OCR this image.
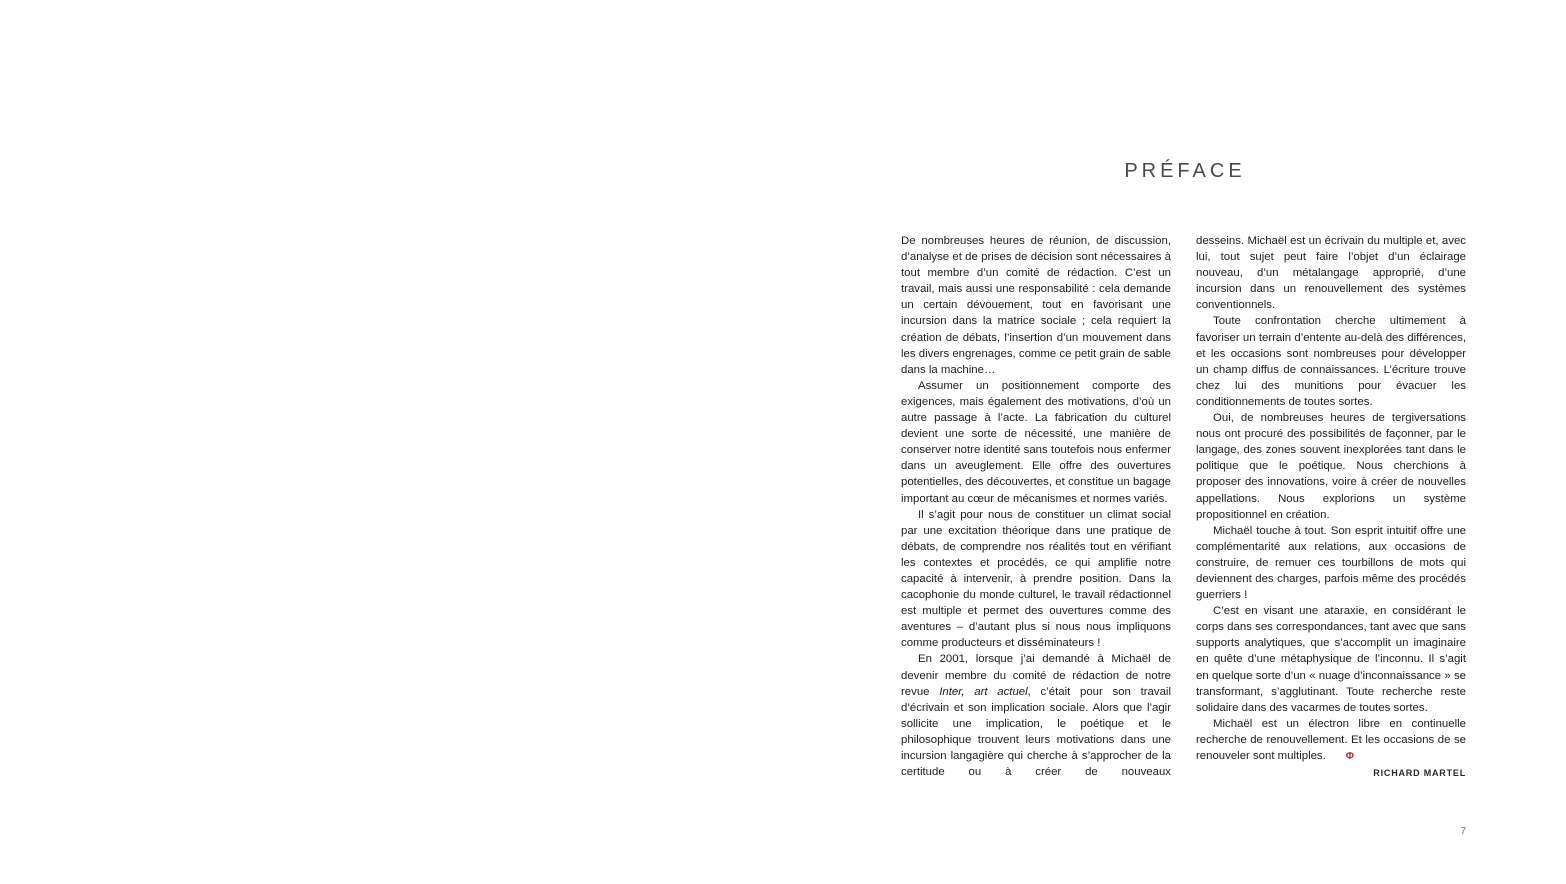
PRÉFACE

De nombreuses heures de réunion, de discussion, d’analyse et de prises de décision sont nécessaires à tout membre d’un comité de rédaction. C’est un travail, mais aussi une responsabilité : cela demande un certain dévouement, tout en favorisant une incursion dans la matrice sociale ; cela requiert la création de débats, l’insertion d’un mouvement dans les divers engrenages, comme ce petit grain de sable dans la machine…

Assumer un positionnement comporte des exigences, mais également des motivations, d’où un autre passage à l’acte. La fabrication du culturel devient une sorte de nécessité, une manière de conserver notre identité sans toutefois nous enfermer dans un aveuglement. Elle offre des ouvertures potentielles, des découvertes, et constitue un bagage important au cœur de mécanismes et normes variés.

Il s’agit pour nous de constituer un climat social par une excitation théorique dans une pratique de débats, de comprendre nos réalités tout en vérifiant les contextes et procédés, ce qui amplifie notre capacité à intervenir, à prendre position. Dans la cacophonie du monde culturel, le travail rédactionnel est multiple et permet des ouvertures comme des aventures – d’autant plus si nous nous impliquons comme producteurs et disséminateurs !

En 2001, lorsque j’ai demandé à Michaël de devenir membre du comité de rédaction de notre revue Inter, art actuel, c’était pour son travail d’écrivain et son implication sociale. Alors que l’agir sollicite une implication, le poétique et le philosophique trouvent leurs motivations dans une incursion langagière qui cherche à s’approcher de la certitude ou à créer de nouveaux

desseins. Michaël est un écrivain du multiple et, avec lui, tout sujet peut faire l’objet d’un éclairage nouveau, d’un métalangage approprié, d’une incursion dans un renouvellement des systèmes conventionnels.

Toute confrontation cherche ultimement à favoriser un terrain d’entente au-delà des différences, et les occasions sont nombreuses pour développer un champ diffus de connaissances. L’écriture trouve chez lui des munitions pour évacuer les conditionnements de toutes sortes.

Oui, de nombreuses heures de tergiversations nous ont procuré des possibilités de façonner, par le langage, des zones souvent inexplorées tant dans le politique que le poétique. Nous cherchions à proposer des innovations, voire à créer de nouvelles appellations. Nous explorions un système propositionnel en création.

Michaël touche à tout. Son esprit intuitif offre une complémentarité aux relations, aux occasions de construire, de remuer ces tourbillons de mots qui deviennent des charges, parfois même des procédés guerriers !

C’est en visant une ataraxie, en considérant le corps dans ses correspondances, tant avec que sans supports analytiques, que s’accomplit un imaginaire en quête d’une métaphysique de l’inconnu. Il s’agit en quelque sorte d’un « nuage d’inconnaissance » se transformant, s’agglutinant. Toute recherche reste solidaire dans des vacarmes de toutes sortes.

Michaël est un électron libre en continuelle recherche de renouvellement. Et les occasions de se renouveler sont multiples. Φ

RICHARD MARTEL

7
